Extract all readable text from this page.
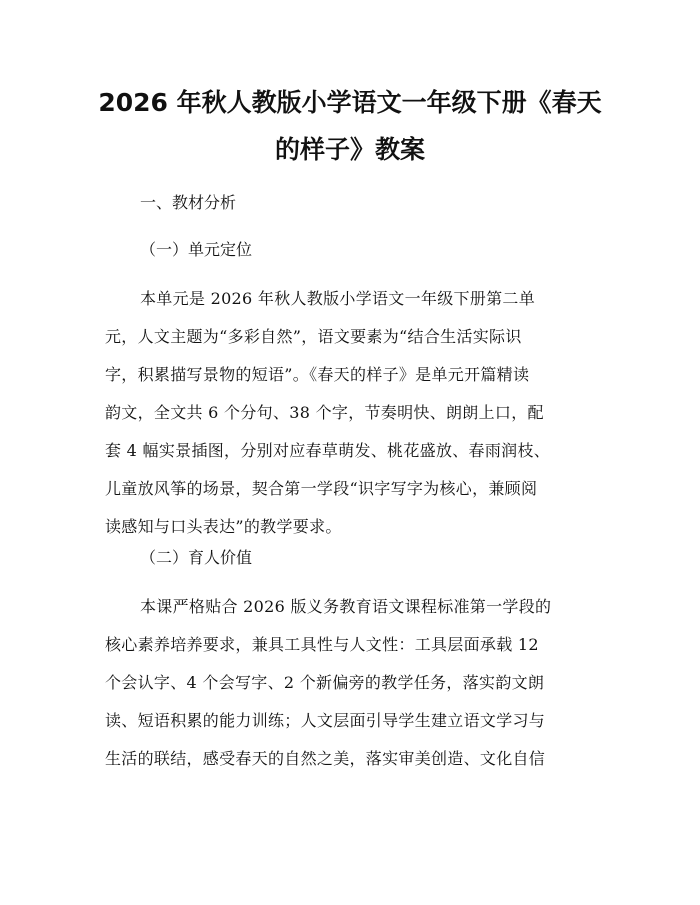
2026 年秋人教版小学语文一年级下册《春天
的样子》教案

一、教材分析

（一）单元定位

本单元是 2026 年秋人教版小学语文一年级下册第二单
元，人文主题为“多彩自然”，语文要素为“结合生活实际识
字，积累描写景物的短语”。《春天的样子》是单元开篇精读
韵文，全文共 6 个分句、38 个字，节奏明快、朗朗上口，配
套 4 幅实景插图，分别对应春草萌发、桃花盛放、春雨润枝、
儿童放风筝的场景，契合第一学段“识字写字为核心，兼顾阅
读感知与口头表达”的教学要求。

（二）育人价值

本课严格贴合 2026 版义务教育语文课程标准第一学段的
核心素养培养要求，兼具工具性与人文性：工具层面承载 12
个会认字、4 个会写字、2 个新偏旁的教学任务，落实韵文朗
读、短语积累的能力训练；人文层面引导学生建立语文学习与
生活的联结，感受春天的自然之美，落实审美创造、文化自信
